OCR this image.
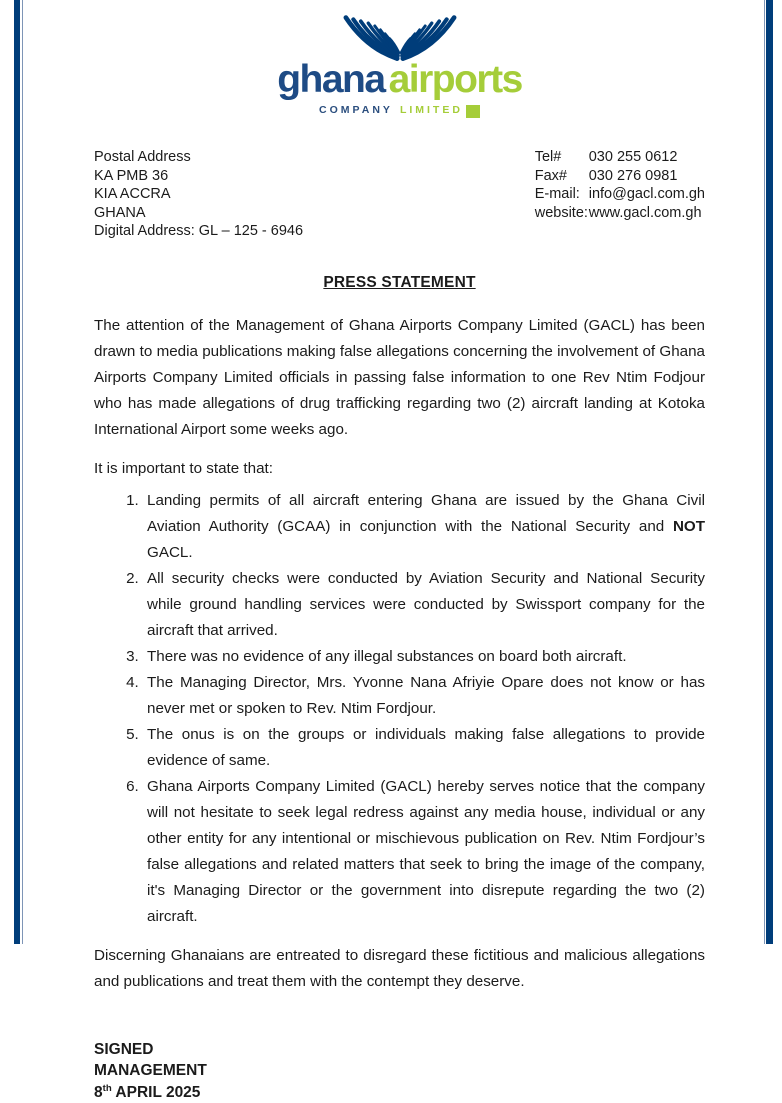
ghana airports
COMPANY LIMITED
Postal Address
KA PMB 36
KIA ACCRA
GHANA
Digital Address: GL – 125 - 6946
Tel#	030 255 0612
Fax#	030 276 0981
E-mail: info@gacl.com.gh
website: www.gacl.com.gh
PRESS STATEMENT

The attention of the Management of Ghana Airports Company Limited (GACL) has been drawn to media publications making false allegations concerning the involvement of Ghana Airports Company Limited officials in passing false information to one Rev Ntim Fodjour who has made allegations of drug trafficking regarding two (2) aircraft landing at Kotoka International Airport some weeks ago.

It is important to state that:

1. Landing permits of all aircraft entering Ghana are issued by the Ghana Civil Aviation Authority (GCAA) in conjunction with the National Security and NOT GACL.
2. All security checks were conducted by Aviation Security and National Security while ground handling services were conducted by Swissport company for the aircraft that arrived.
3. There was no evidence of any illegal substances on board both aircraft.
4. The Managing Director, Mrs. Yvonne Nana Afriyie Opare does not know or has never met or spoken to Rev. Ntim Fordjour.
5. The onus is on the groups or individuals making false allegations to provide evidence of same.
6. Ghana Airports Company Limited (GACL) hereby serves notice that the company will not hesitate to seek legal redress against any media house, individual or any other entity for any intentional or mischievous publication on Rev. Ntim Fordjour’s false allegations and related matters that seek to bring the image of the company, it's Managing Director or the government into disrepute regarding the two (2) aircraft.

Discerning Ghanaians are entreated to disregard these fictitious and malicious allegations and publications and treat them with the contempt they deserve.

SIGNED
MANAGEMENT
8th APRIL 2025
